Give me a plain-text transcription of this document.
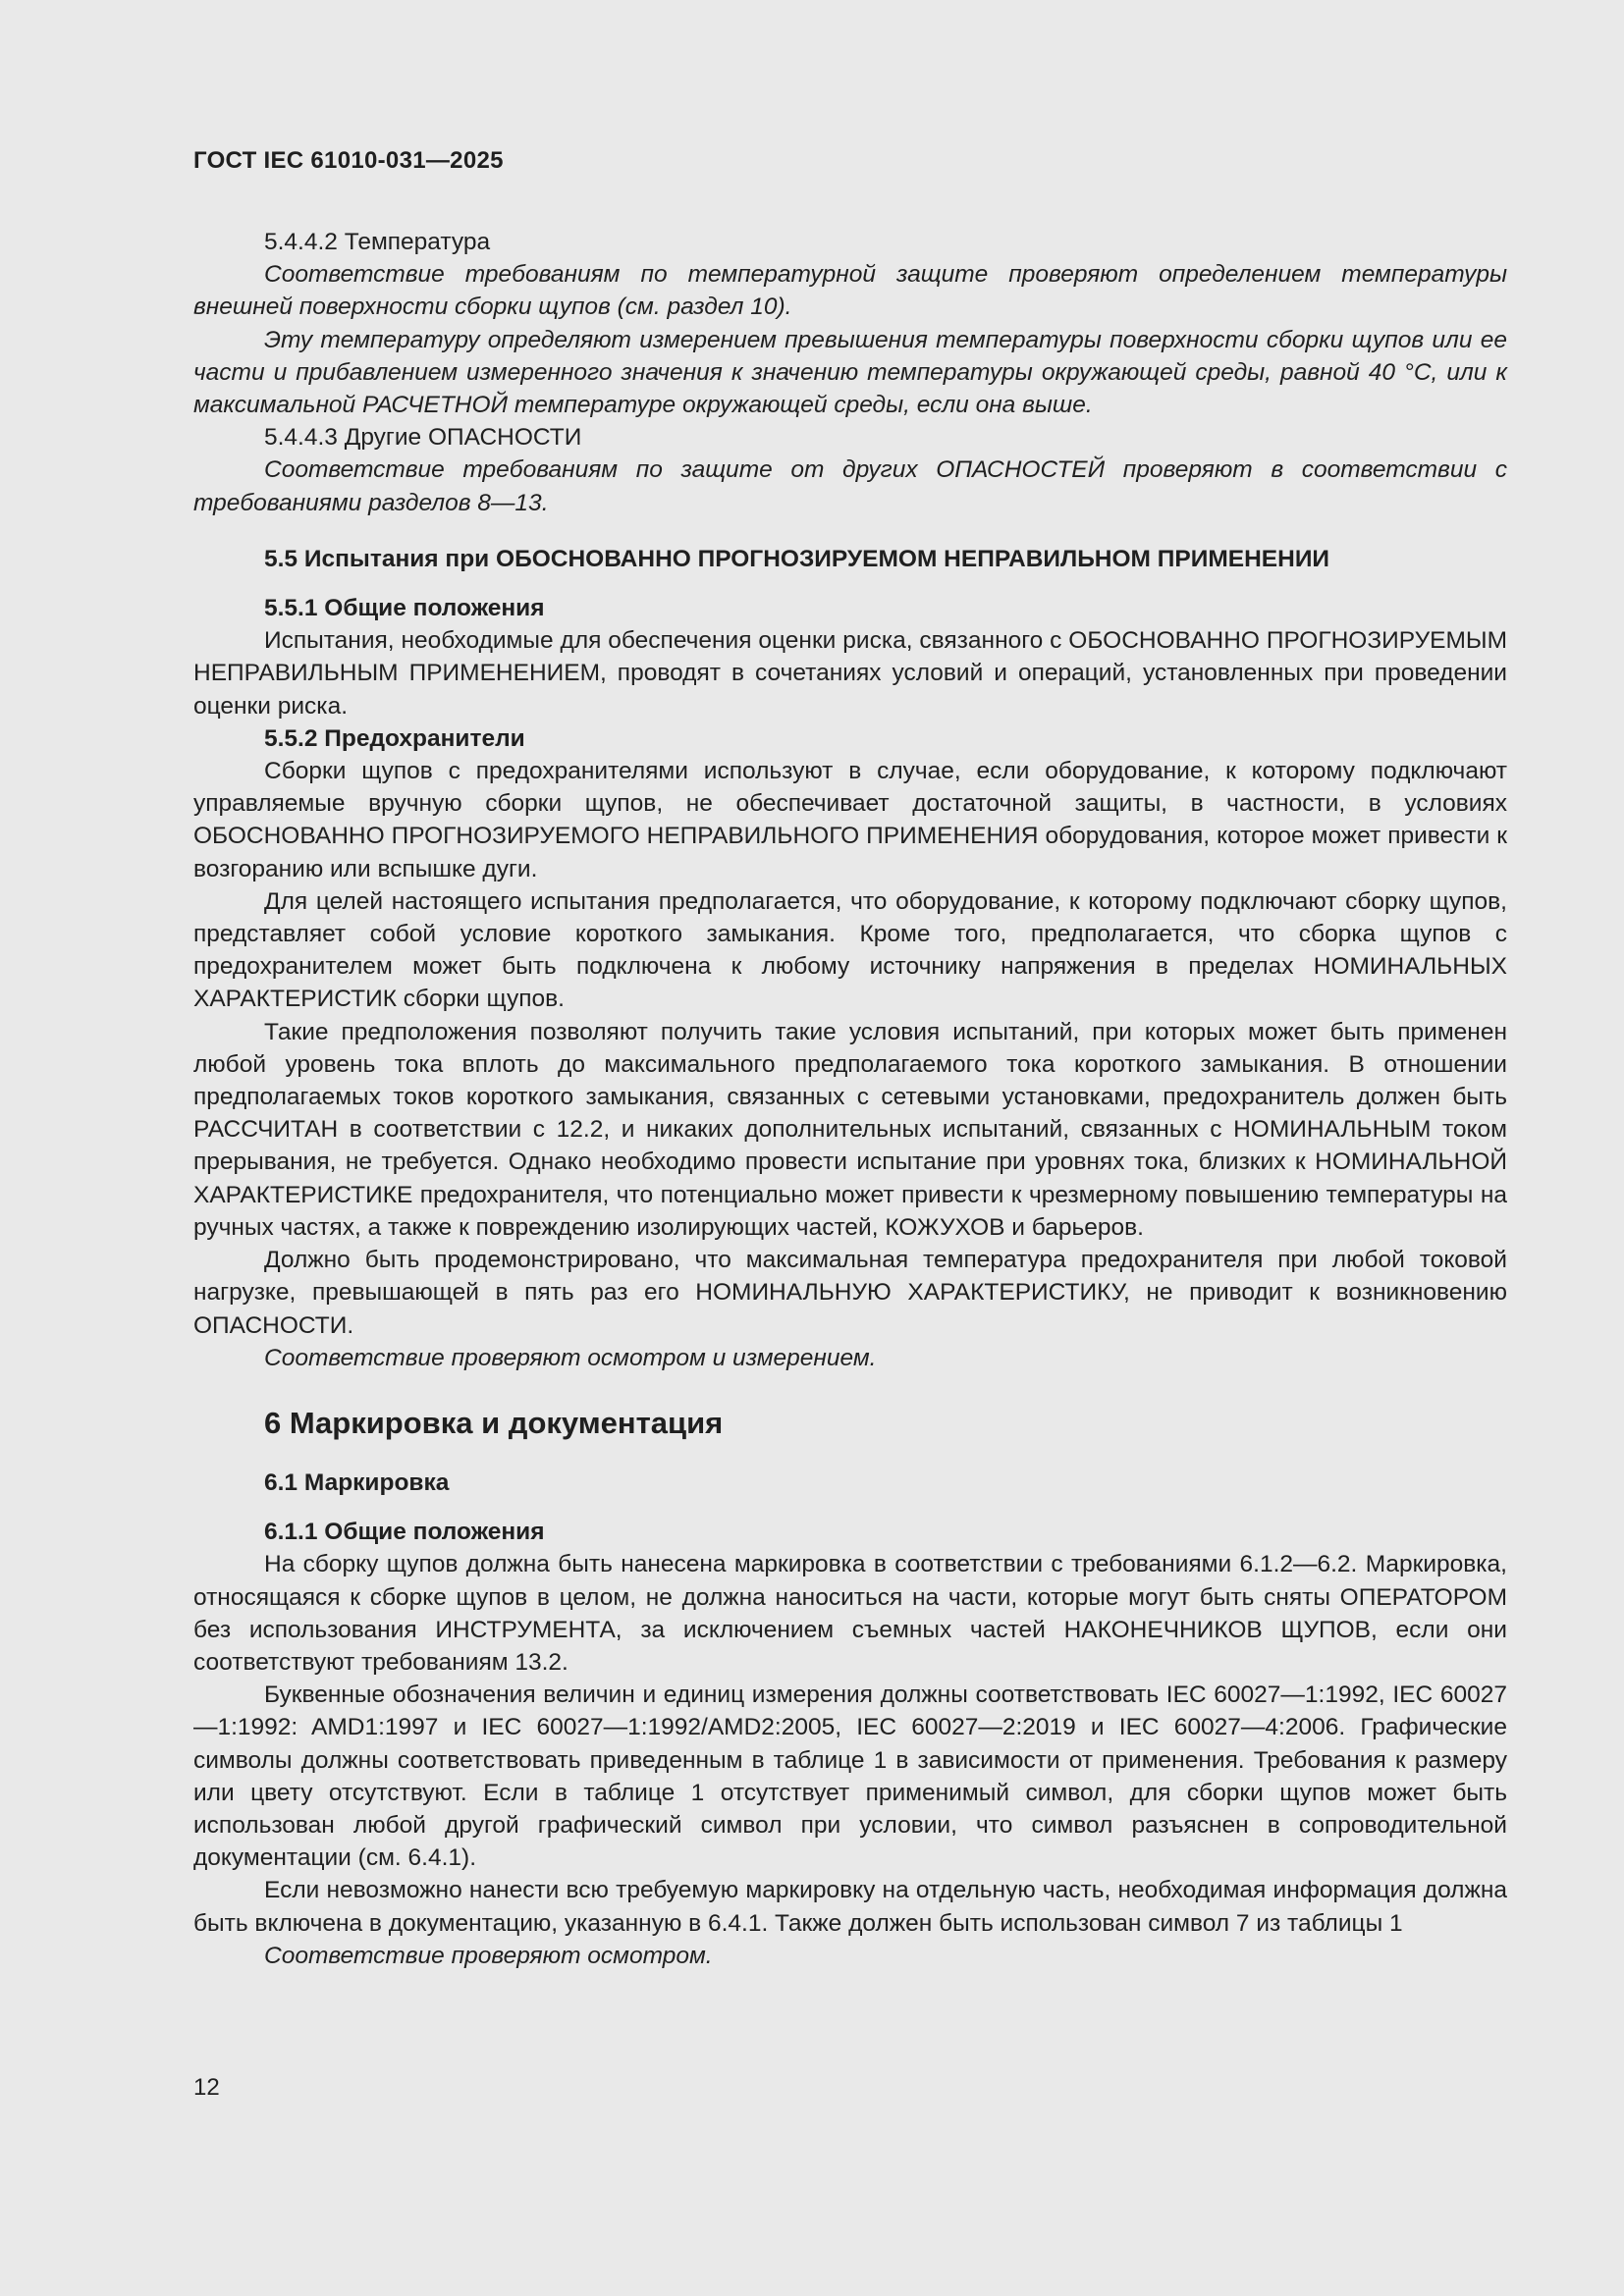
ГОСТ IEC 61010-031—2025

5.4.4.2 Температура

Соответствие требованиям по температурной защите проверяют определением температуры внешней поверхности сборки щупов (см. раздел 10).

Эту температуру определяют измерением превышения температуры поверхности сборки щупов или ее части и прибавлением измеренного значения к значению температуры окружающей среды, равной 40 °C, или к максимальной РАСЧЕТНОЙ температуре окружающей среды, если она выше.

5.4.4.3 Другие ОПАСНОСТИ

Соответствие требованиям по защите от других ОПАСНОСТЕЙ проверяют в соответствии с требованиями разделов 8—13.

5.5 Испытания при ОБОСНОВАННО ПРОГНОЗИРУЕМОМ НЕПРАВИЛЬНОМ ПРИМЕНЕНИИ

5.5.1 Общие положения

Испытания, необходимые для обеспечения оценки риска, связанного с ОБОСНОВАННО ПРОГНОЗИРУЕМЫМ НЕПРАВИЛЬНЫМ ПРИМЕНЕНИЕМ, проводят в сочетаниях условий и операций, установленных при проведении оценки риска.

5.5.2 Предохранители

Сборки щупов с предохранителями используют в случае, если оборудование, к которому подключают управляемые вручную сборки щупов, не обеспечивает достаточной защиты, в частности, в условиях ОБОСНОВАННО ПРОГНОЗИРУЕМОГО НЕПРАВИЛЬНОГО ПРИМЕНЕНИЯ оборудования, которое может привести к возгоранию или вспышке дуги.

Для целей настоящего испытания предполагается, что оборудование, к которому подключают сборку щупов, представляет собой условие короткого замыкания. Кроме того, предполагается, что сборка щупов с предохранителем может быть подключена к любому источнику напряжения в пределах НОМИНАЛЬНЫХ ХАРАКТЕРИСТИК сборки щупов.

Такие предположения позволяют получить такие условия испытаний, при которых может быть применен любой уровень тока вплоть до максимального предполагаемого тока короткого замыкания. В отношении предполагаемых токов короткого замыкания, связанных с сетевыми установками, предохранитель должен быть РАССЧИТАН в соответствии с 12.2, и никаких дополнительных испытаний, связанных с НОМИНАЛЬНЫМ током прерывания, не требуется. Однако необходимо провести испытание при уровнях тока, близких к НОМИНАЛЬНОЙ ХАРАКТЕРИСТИКЕ предохранителя, что потенциально может привести к чрезмерному повышению температуры на ручных частях, а также к повреждению изолирующих частей, КОЖУХОВ и барьеров.

Должно быть продемонстрировано, что максимальная температура предохранителя при любой токовой нагрузке, превышающей в пять раз его НОМИНАЛЬНУЮ ХАРАКТЕРИСТИКУ, не приводит к возникновению ОПАСНОСТИ.

Соответствие проверяют осмотром и измерением.

6 Маркировка и документация

6.1 Маркировка

6.1.1 Общие положения

На сборку щупов должна быть нанесена маркировка в соответствии с требованиями 6.1.2—6.2. Маркировка, относящаяся к сборке щупов в целом, не должна наноситься на части, которые могут быть сняты ОПЕРАТОРОМ без использования ИНСТРУМЕНТА, за исключением съемных частей НАКОНЕЧНИКОВ ЩУПОВ, если они соответствуют требованиям 13.2.

Буквенные обозначения величин и единиц измерения должны соответствовать IEC 60027—1:1992, IEC 60027—1:1992: AMD1:1997 и IEC 60027—1:1992/AMD2:2005, IEC 60027—2:2019 и IEC 60027—4:2006. Графические символы должны соответствовать приведенным в таблице 1 в зависимости от применения. Требования к размеру или цвету отсутствуют. Если в таблице 1 отсутствует применимый символ, для сборки щупов может быть использован любой другой графический символ при условии, что символ разъяснен в сопроводительной документации (см. 6.4.1).

Если невозможно нанести всю требуемую маркировку на отдельную часть, необходимая информация должна быть включена в документацию, указанную в 6.4.1. Также должен быть использован символ 7 из таблицы 1

Соответствие проверяют осмотром.

12
